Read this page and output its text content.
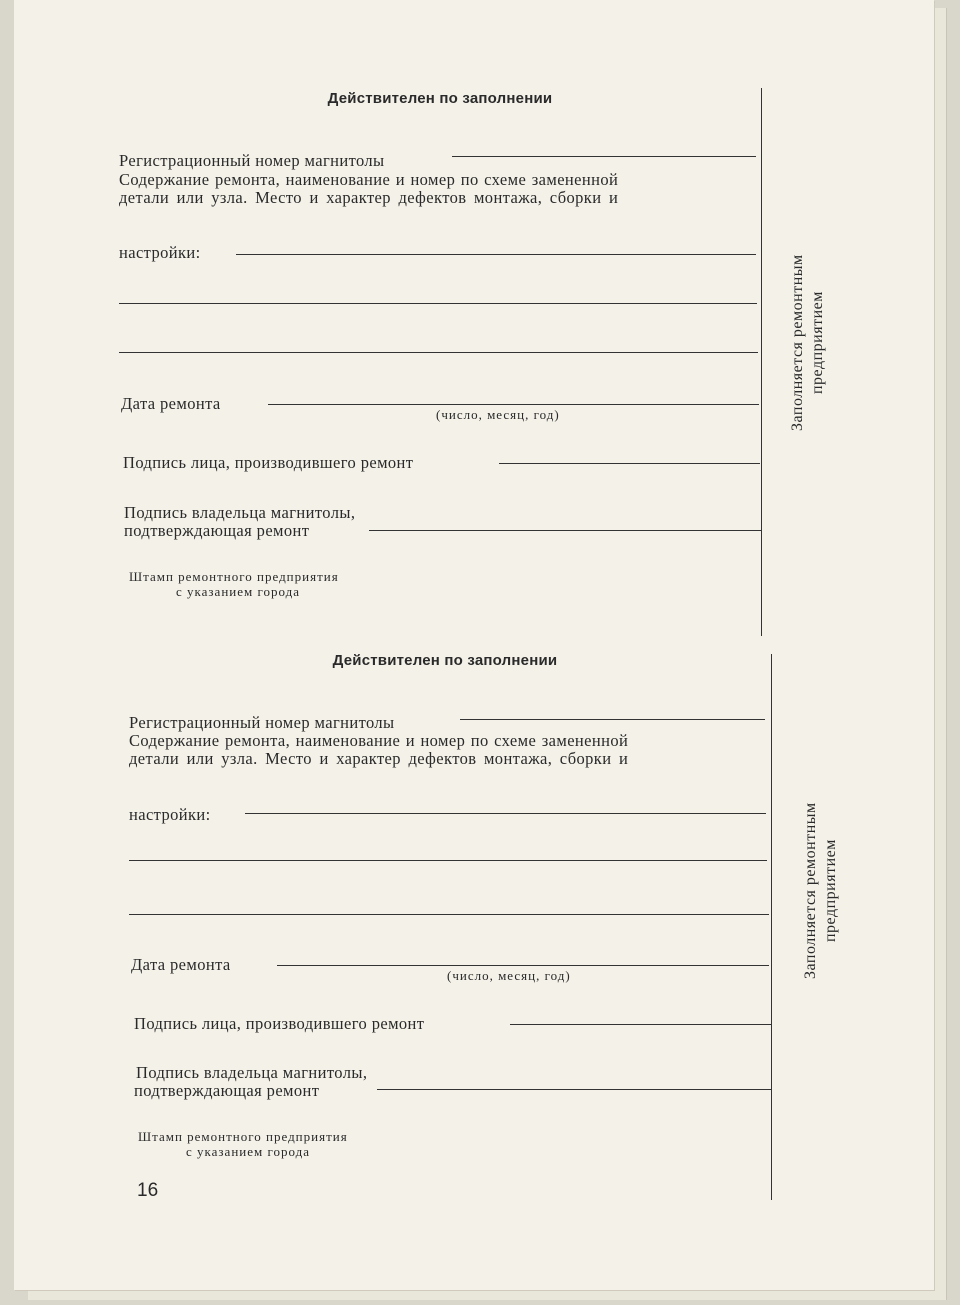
Действителен по заполнении
Регистрационный номер магнитолы
Содержание ремонта, наименование и номер по схеме замененной
детали или узла. Место и характер дефектов монтажа, сборки и
настройки:
Дата ремонта
(число, месяц, год)
Подпись лица, производившего ремонт
Подпись владельца магнитолы,
подтверждающая ремонт
Штамп ремонтного предприятия
с указанием города
Заполняется ремонтным предприятием
Действителен по заполнении
Регистрационный номер магнитолы
Содержание ремонта, наименование и номер по схеме замененной
детали или узла. Место и характер дефектов монтажа, сборки и
настройки:
Дата ремонта
(число, месяц, год)
Подпись лица, производившего ремонт
Подпись владельца магнитолы,
подтверждающая ремонт
Штамп ремонтного предприятия
с указанием города
Заполняется ремонтным предприятием
16
